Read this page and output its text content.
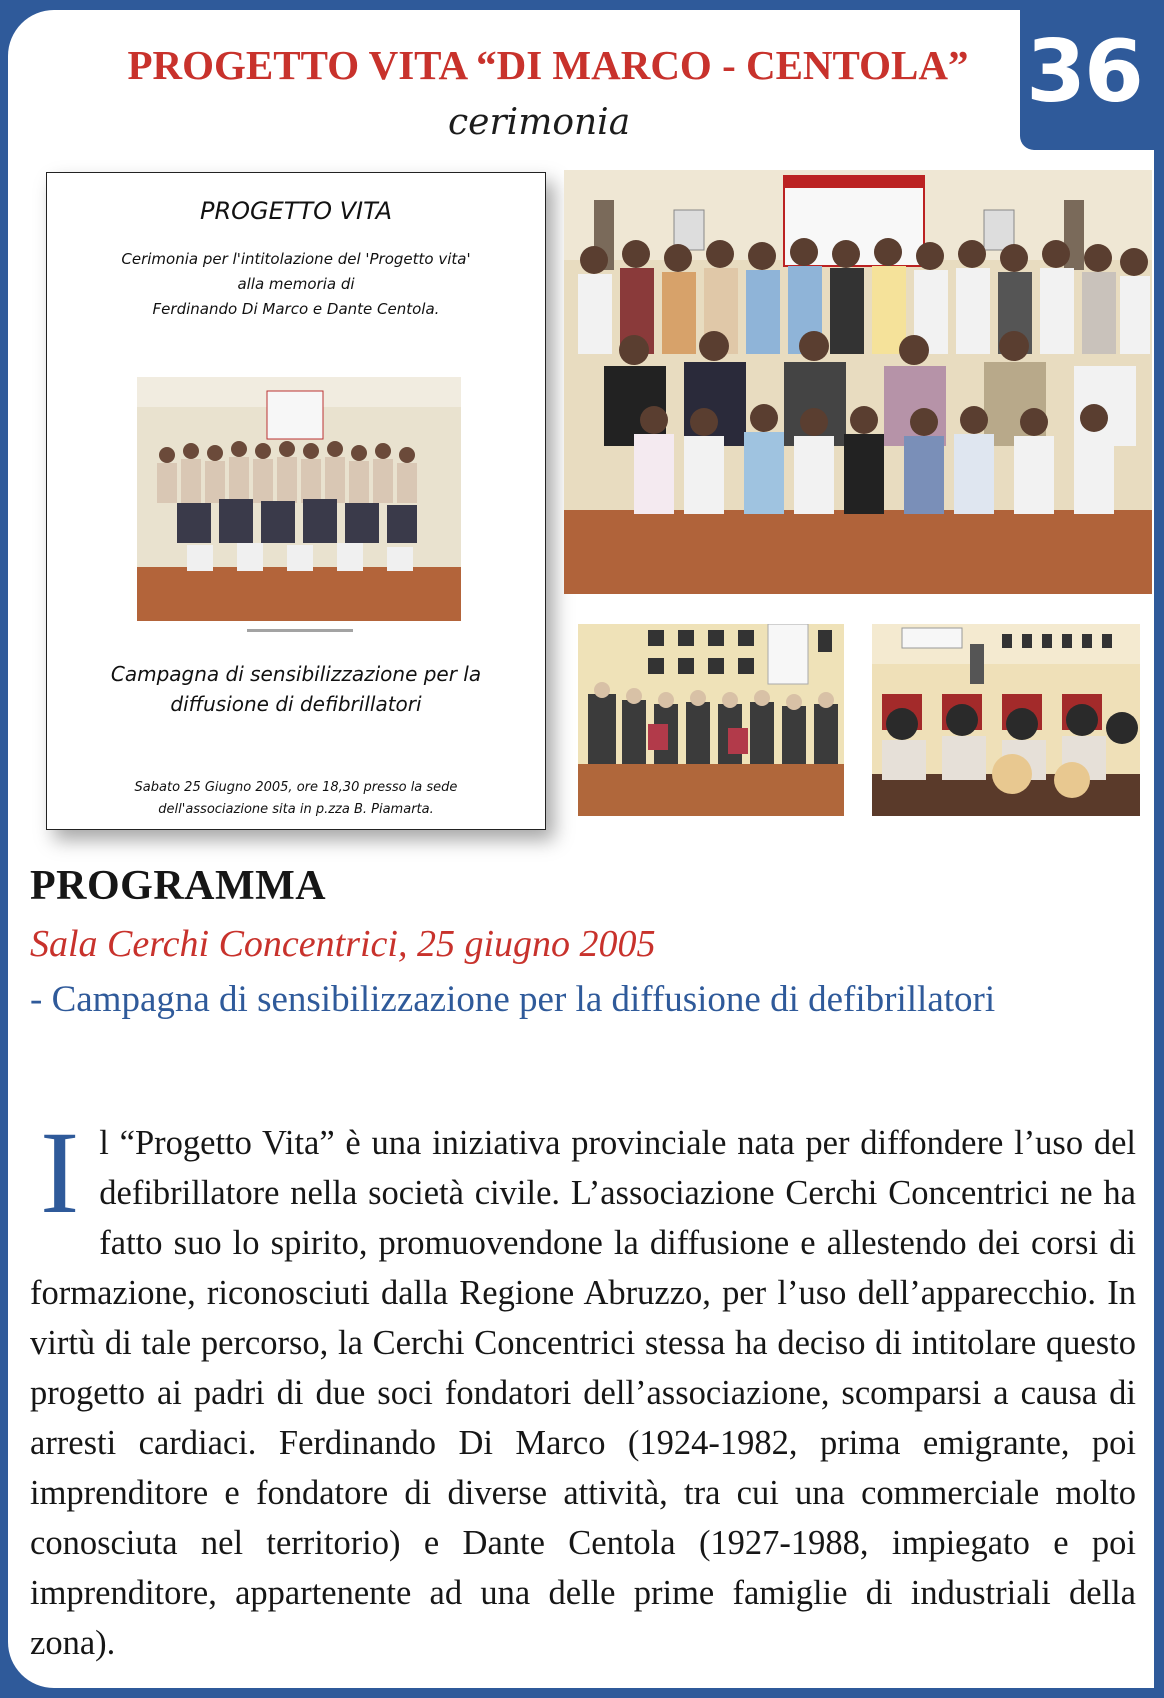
36
PROGETTO VITA “DI MARCO - CENTOLA”
cerimonia
PROGETTO VITA
Cerimonia per l'intitolazione del 'Progetto vita'
alla memoria di
Ferdinando Di Marco e Dante Centola.
Campagna di sensibilizzazione per la
diffusione di defibrillatori
Sabato 25 Giugno 2005, ore 18,30 presso la sede
dell'associazione sita in p.zza B. Piamarta.
PROGRAMMA
Sala Cerchi Concentrici, 25 giugno 2005
- Campagna di sensibilizzazione per la diffusione di defibrillatori

Il “Progetto Vita” è una iniziativa provinciale nata per diffondere l’uso del defibrillatore nella società civile. L’associazione Cerchi Concentrici ne ha fatto suo lo spirito, promuovendone la diffusione e allestendo dei corsi di formazione, riconosciuti dalla Regione Abruzzo, per l’uso dell’apparecchio. In virtù di tale percorso, la Cerchi Concentrici stessa ha deciso di intitolare questo progetto ai padri di due soci fondatori dell’associazione, scomparsi a causa di arresti cardiaci. Ferdinando Di Marco (1924-1982, prima emigrante, poi imprenditore e fondatore di diverse attività, tra cui una commerciale molto conosciuta nel territorio) e Dante Centola (1927-1988, impiegato e poi imprenditore, appartenente ad una delle prime famiglie di industriali della zona).
